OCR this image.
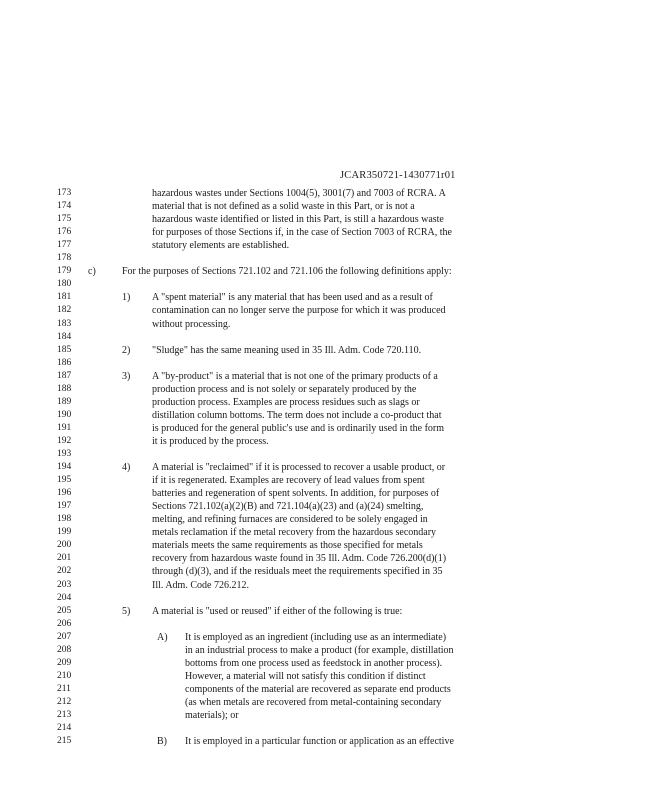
JCAR350721-1430771r01
173	hazardous wastes under Sections 1004(5), 3001(7) and 7003 of RCRA. A
174	material that is not defined as a solid waste in this Part, or is not a
175	hazardous waste identified or listed in this Part, is still a hazardous waste
176	for purposes of those Sections if, in the case of Section 7003 of RCRA, the
177	statutory elements are established.
178
179	c)	For the purposes of Sections 721.102 and 721.106 the following definitions apply:
180
181	1) A "spent material" is any material that has been used and as a result of
182	contamination can no longer serve the purpose for which it was produced
183	without processing.
184
185	2) "Sludge" has the same meaning used in 35 Ill. Adm. Code 720.110.
186
187	3) A "by-product" is a material that is not one of the primary products of a
188	production process and is not solely or separately produced by the
189	production process. Examples are process residues such as slags or
190	distillation column bottoms. The term does not include a co-product that
191	is produced for the general public's use and is ordinarily used in the form
192	it is produced by the process.
193
194	4) A material is "reclaimed" if it is processed to recover a usable product, or
195	if it is regenerated. Examples are recovery of lead values from spent
196	batteries and regeneration of spent solvents. In addition, for purposes of
197	Sections 721.102(a)(2)(B) and 721.104(a)(23) and (a)(24) smelting,
198	melting, and refining furnaces are considered to be solely engaged in
199	metals reclamation if the metal recovery from the hazardous secondary
200	materials meets the same requirements as those specified for metals
201	recovery from hazardous waste found in 35 Ill. Adm. Code 726.200(d)(1)
202	through (d)(3), and if the residuals meet the requirements specified in 35
203	Ill. Adm. Code 726.212.
204
205	5) A material is "used or reused" if either of the following is true:
206
207	A) It is employed as an ingredient (including use as an intermediate)
208	in an industrial process to make a product (for example, distillation
209	bottoms from one process used as feedstock in another process).
210	However, a material will not satisfy this condition if distinct
211	components of the material are recovered as separate end products
212	(as when metals are recovered from metal-containing secondary
213	materials); or
214
215	B) It is employed in a particular function or application as an effective
